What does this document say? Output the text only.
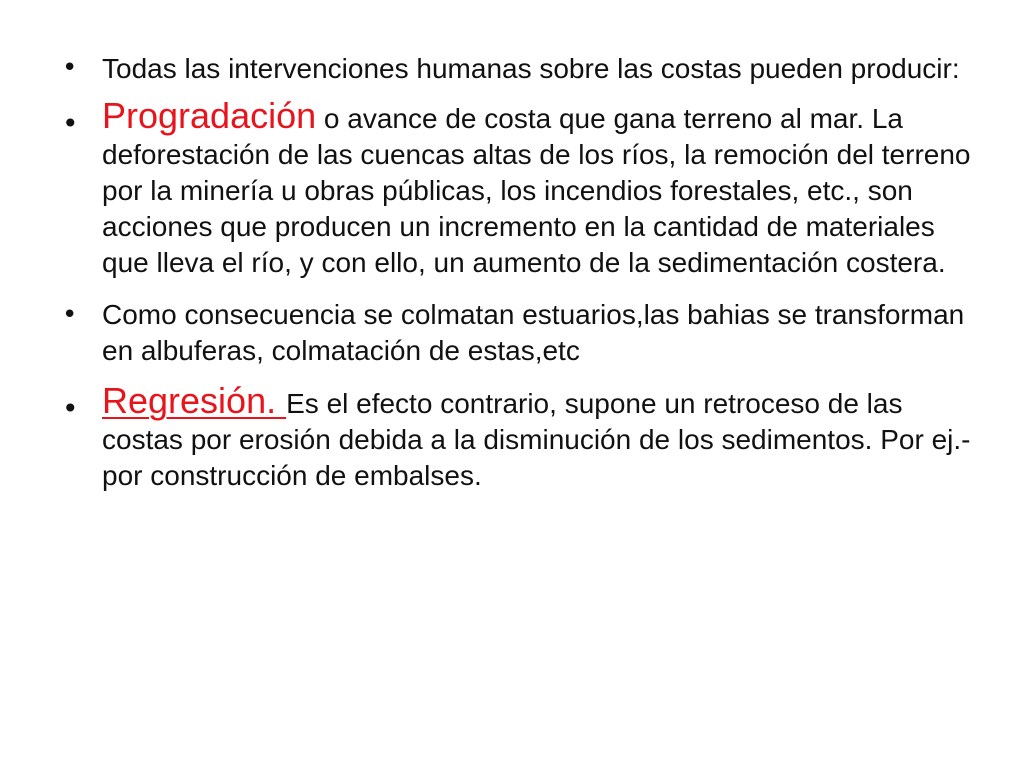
• Todas las intervenciones humanas sobre las costas pueden producir:
• Progradación o avance de costa que gana terreno al mar. La deforestación de las cuencas altas de los ríos, la remoción del terreno por la minería u obras públicas, los incendios forestales, etc., son acciones que producen un incremento en la cantidad de materiales que lleva el río, y con ello, un aumento de la sedimentación costera.
• Como consecuencia se colmatan estuarios,las bahias se transforman en albuferas, colmatación de estas,etc
• Regresión. Es el efecto contrario, supone un retroceso de las costas por erosión debida a la disminución de los sedimentos. Por ej.- por construcción de embalses.
